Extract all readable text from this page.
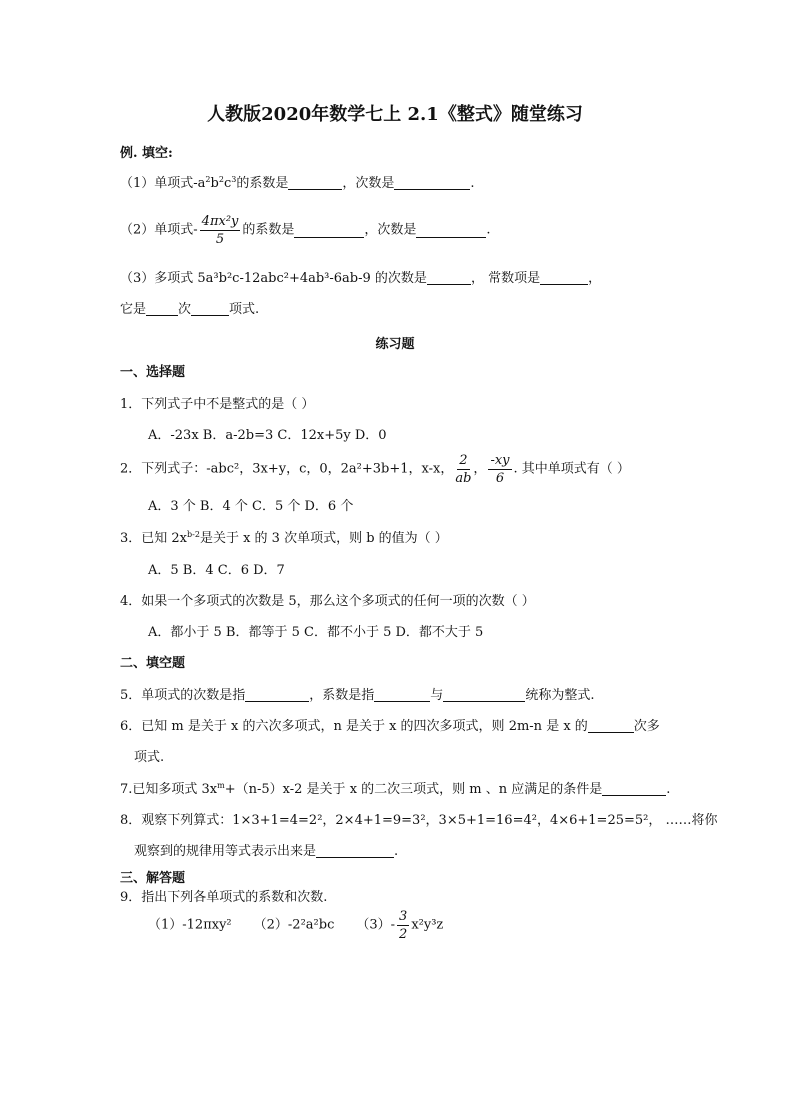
人教版2020年数学七上 2.1《整式》随堂练习
例. 填空:
（1）单项式$-a^2b^2c^3$的系数是	，次数是	.
（2）单项式- $\frac{\text{4πx²y}}{5}$ 的系数是	，次数是	.
（3）多项式 5a³b²c-12abc²+4ab³-6ab-9 的次数是	， 常数项是	，
它是 次	项式.
练习题
一、选择题
1．下列式子中不是整式的是（ ）
A．-23x B．a-2b=3 C．12x+5y D．0
2．下列式子：-abc²，3x+y，c，0，2a²+3b+1，x-x， $\frac{2}{ab}$ ， $\frac{-xy}{6}$ . 其中单项式有（ ）
A．3 个 B．4 个 C．5 个 D．6 个
3．已知 $2x^{b-2}$是关于 x 的 3 次单项式，则 b 的值为（ ）
A．5 B．4 C．6 D．7
4．如果一个多项式的次数是 5，那么这个多项式的任何一项的次数（ ）
A．都小于 5 B．都等于 5 C．都不小于 5 D．都不大于 5
二、填空题
5．单项式的次数是指	，系数是指	与	统称为整式.
6．已知 m 是关于 x 的六次多项式，n 是关于 x 的四次多项式，则 2m-n 是 x 的	次多
项式.
7.已知多项式 $3x^m+(n-5)x-2$ 是关于 x 的二次三项式，则 m 、n 应满足的条件是	.
8．观察下列算式：1×3+1=4=2²，2×4+1=9=3²，3×5+1=16=4²，4×6+1=25=5²， ……将你
观察到的规律用等式表示出来是	.
三、解答题
9．指出下列各单项式的系数和次数.
（1）-12πxy² （2）-2²a²bc $(3)- \frac{3}{2} x^2y^3z$
